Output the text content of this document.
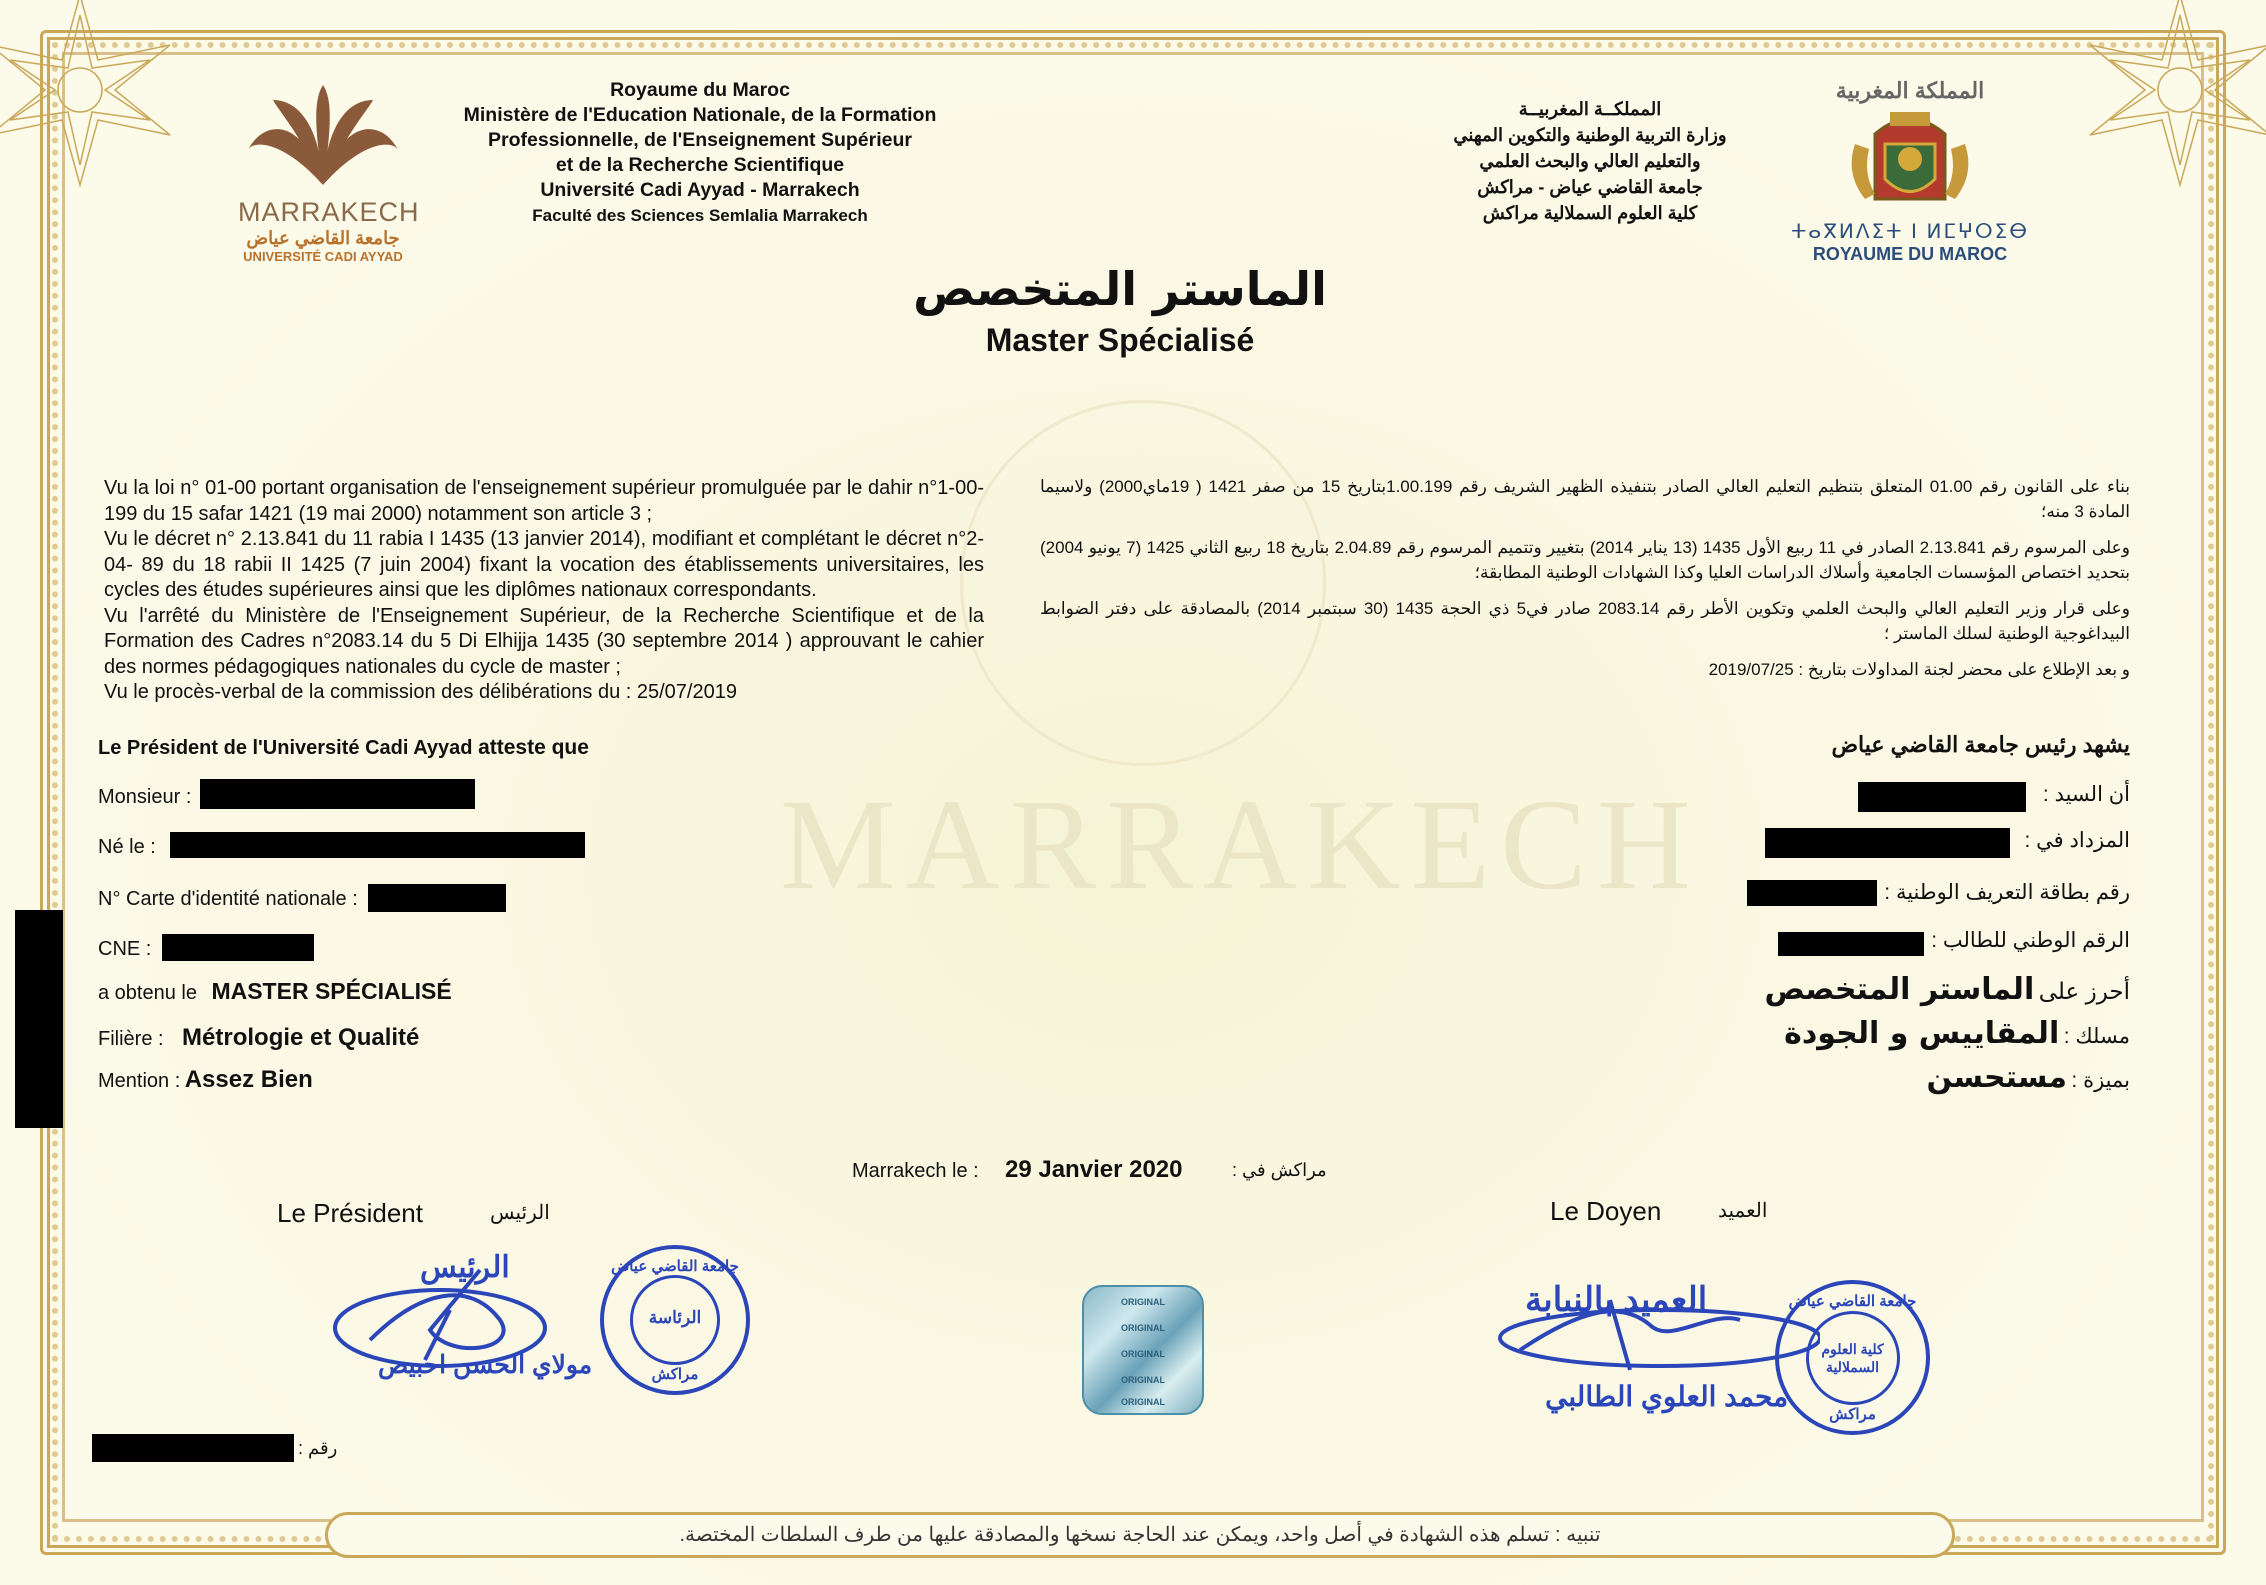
MARRAKECH
MARRAKECH
جامعة القاضي عياض
UNIVERSITÉ CADI AYYAD
Royaume du Maroc
Ministère de l'Education Nationale, de la Formation
Professionnelle, de l'Enseignement Supérieur
et de la Recherche Scientifique
Université Cadi Ayyad - Marrakech
Faculté des Sciences Semlalia Marrakech
المملكــة المغربيــة
وزارة التربية الوطنية والتكوين المهني
والتعليم العالي والبحث العلمي
جامعة القاضي عياض - مراكش
كلية العلوم السملالية مراكش
المملكة المغربية
ⵜⴰⴳⵍⴷⵉⵜ ⵏ ⵍⵎⵖⵔⵉⴱ
ROYAUME DU MAROC
الماستر المتخصص
Master Spécialisé

Vu la loi n° 01-00 portant organisation de l'enseignement supérieur promulguée par le dahir n°1-00- 199 du 15 safar 1421 (19 mai 2000) notamment son article 3 ;

Vu le décret n° 2.13.841 du 11 rabia I 1435 (13 janvier 2014), modifiant et complétant le décret n°2-04- 89 du 18 rabii II 1425 (7 juin 2004) fixant la vocation des établissements universitaires, les cycles des études supérieures ainsi que les diplômes nationaux correspondants.

Vu l'arrêté du Ministère de l'Enseignement Supérieur, de la Recherche Scientifique et de la Formation des Cadres n°2083.14 du 5 Di Elhijja 1435 (30 septembre 2014 ) approuvant le cahier des normes pédagogiques nationales du cycle de master ;

Vu le procès-verbal de la commission des délibérations du : 25/07/2019

بناء على القانون رقم 01.00 المتعلق بتنظيم التعليم العالي الصادر بتنفيذه الظهير الشريف رقم 1.00.199بتاريخ 15 من صفر 1421 ( 19ماي2000) ولاسيما المادة 3 منه؛

وعلى المرسوم رقم 2.13.841 الصادر في 11 ربيع الأول 1435 (13 يناير 2014) بتغيير وتتميم المرسوم رقم 2.04.89 بتاريخ 18 ربيع الثاني 1425 (7 يونيو 2004) بتحديد اختصاص المؤسسات الجامعية وأسلاك الدراسات العليا وكذا الشهادات الوطنية المطابقة؛

وعلى قرار وزير التعليم العالي والبحث العلمي وتكوين الأطر رقم 2083.14 صادر في5 ذي الحجة 1435 (30 سبتمبر 2014) بالمصادقة على دفتر الضوابط البيداغوجية الوطنية لسلك الماستر ؛

و بعد الإطلاع على محضر لجنة المداولات بتاريخ : 2019/07/25

Le Président de l'Université Cadi Ayyad atteste que
Monsieur :
Né le :
N° Carte d'identité nationale :
CNE :
a obtenu le MASTER SPÉCIALISÉ
Filière : Métrologie et Qualité
Mention : Assez Bien
يشهد رئيس جامعة القاضي عياض
أن السيد :
المزداد في :
رقم بطاقة التعريف الوطنية :
الرقم الوطني للطالب :
أحرز على الماستر المتخصص
مسلك : المقاييس و الجودة
بميزة : مستحسن
Marrakech le : 29 Janvier 2020	مراكش في :
Le Président	الرئيس	Le Doyen	العميد
الرئيس
مولاي الحسن احبيض
جامعة القاضي عياض
الرئاسة
مراكش
ORIGINAL
ORIGINAL
ORIGINAL
ORIGINAL
ORIGINAL
العميد بالنيابة
محمد العلوي الطالبي
جامعة القاضي عياض
كلية العلوم السملالية
مراكش
رقم :
تنبيه : تسلم هذه الشهادة في أصل واحد، ويمكن عند الحاجة نسخها والمصادقة عليها من طرف السلطات المختصة.
